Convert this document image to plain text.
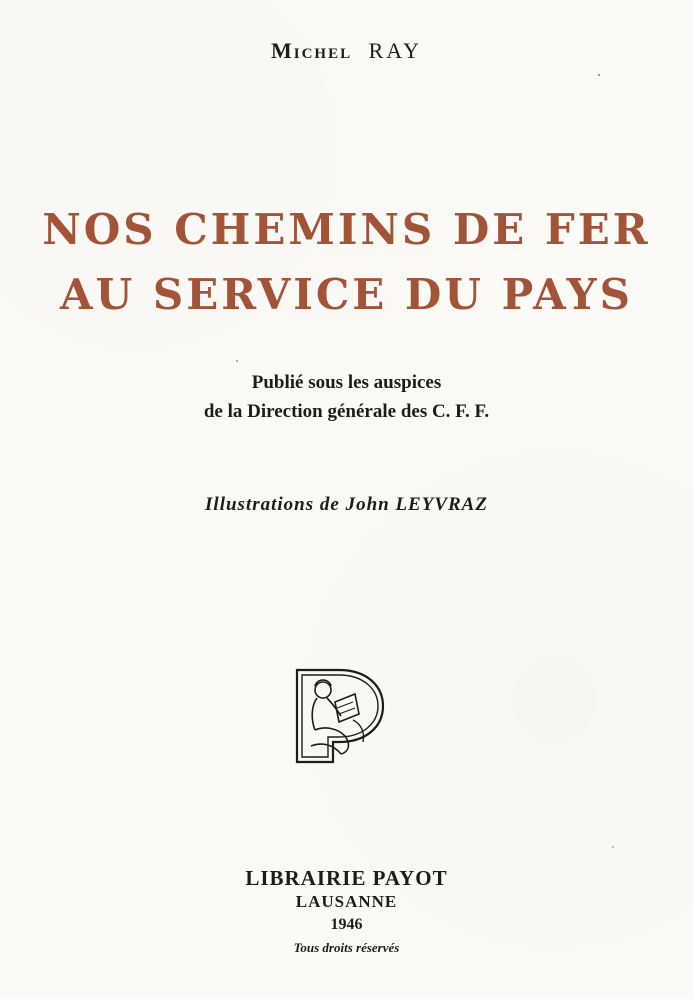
Michel RAY
NOS CHEMINS DE FER
AU SERVICE DU PAYS
Publié sous les auspices
de la Direction générale des C. F. F.
Illustrations de John LEYVRAZ
LIBRAIRIE PAYOT
LAUSANNE
1946
Tous droits réservés
